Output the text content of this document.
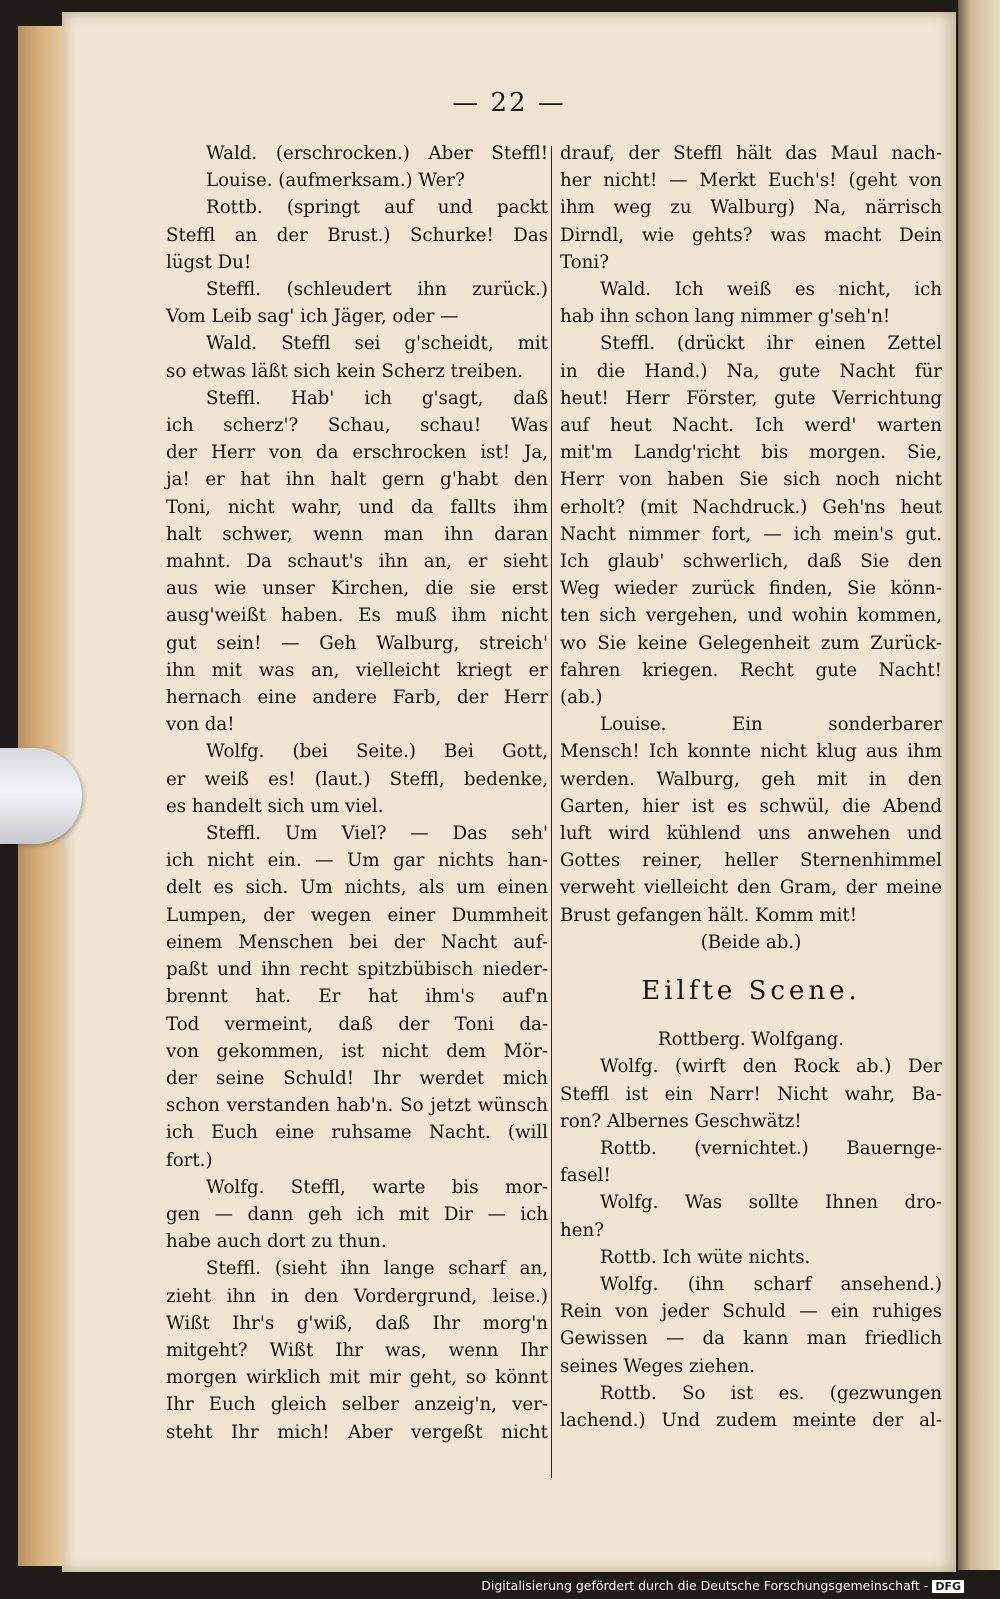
— 22 —
Wald. (erschrocken.) Aber Steffl!
Louise. (aufmerksam.) Wer?
Rottb. (springt auf und packt
Steffl an der Brust.) Schurke! Das
lügst Du!
Steffl. (schleudert ihn zurück.)
Vom Leib sag' ich Jäger, oder —
Wald. Steffl sei g'scheidt, mit
so etwas läßt sich kein Scherz treiben.
Steffl. Hab' ich g'sagt, daß
ich scherz'? Schau, schau! Was
der Herr von da erschrocken ist! Ja,
ja! er hat ihn halt gern g'habt den
Toni, nicht wahr, und da fallts ihm
halt schwer, wenn man ihn daran
mahnt. Da schaut's ihn an, er sieht
aus wie unser Kirchen, die sie erst
ausg'weißt haben. Es muß ihm nicht
gut sein! — Geh Walburg, streich'
ihn mit was an, vielleicht kriegt er
hernach eine andere Farb, der Herr
von da!
Wolfg. (bei Seite.) Bei Gott,
er weiß es! (laut.) Steffl, bedenke,
es handelt sich um viel.
Steffl. Um Viel? — Das seh'
ich nicht ein. — Um gar nichts han-
delt es sich. Um nichts, als um einen
Lumpen, der wegen einer Dummheit
einem Menschen bei der Nacht auf-
paßt und ihn recht spitzbübisch nieder-
brennt hat. Er hat ihm's auf'n
Tod vermeint, daß der Toni da-
von gekommen, ist nicht dem Mör-
der seine Schuld! Ihr werdet mich
schon verstanden hab'n. So jetzt wünsch
ich Euch eine ruhsame Nacht. (will
fort.)
Wolfg. Steffl, warte bis mor-
gen — dann geh ich mit Dir — ich
habe auch dort zu thun.
Steffl. (sieht ihn lange scharf an,
zieht ihn in den Vordergrund, leise.)
Wißt Ihr's g'wiß, daß Ihr morg'n
mitgeht? Wißt Ihr was, wenn Ihr
morgen wirklich mit mir geht, so könnt
Ihr Euch gleich selber anzeig'n, ver-
steht Ihr mich! Aber vergeßt nicht
drauf, der Steffl hält das Maul nach-
her nicht! — Merkt Euch's! (geht von
ihm weg zu Walburg) Na, närrisch
Dirndl, wie gehts? was macht Dein
Toni?
Wald. Ich weiß es nicht, ich
hab ihn schon lang nimmer g'seh'n!
Steffl. (drückt ihr einen Zettel
in die Hand.) Na, gute Nacht für
heut! Herr Förster, gute Verrichtung
auf heut Nacht. Ich werd' warten
mit'm Landg'richt bis morgen. Sie,
Herr von haben Sie sich noch nicht
erholt? (mit Nachdruck.) Geh'ns heut
Nacht nimmer fort, — ich mein's gut.
Ich glaub' schwerlich, daß Sie den
Weg wieder zurück finden, Sie könn-
ten sich vergehen, und wohin kommen,
wo Sie keine Gelegenheit zum Zurück-
fahren kriegen. Recht gute Nacht!
(ab.)
Louise. Ein sonderbarer
Mensch! Ich konnte nicht klug aus ihm
werden. Walburg, geh mit in den
Garten, hier ist es schwül, die Abend
luft wird kühlend uns anwehen und
Gottes reiner, heller Sternenhimmel
verweht vielleicht den Gram, der meine
Brust gefangen hält. Komm mit!
(Beide ab.)
Eilfte Scene.
Rottberg. Wolfgang.
Wolfg. (wirft den Rock ab.) Der
Steffl ist ein Narr! Nicht wahr, Ba-
ron? Albernes Geschwätz!
Rottb. (vernichtet.) Bauernge-
fasel!
Wolfg. Was sollte Ihnen dro-
hen?
Rottb. Ich wüte nichts.
Wolfg. (ihn scharf ansehend.)
Rein von jeder Schuld — ein ruhiges
Gewissen — da kann man friedlich
seines Weges ziehen.
Rottb. So ist es. (gezwungen
lachend.) Und zudem meinte der al-
Digitalisierung gefördert durch die Deutsche Forschungsgemeinschaft - DFG
